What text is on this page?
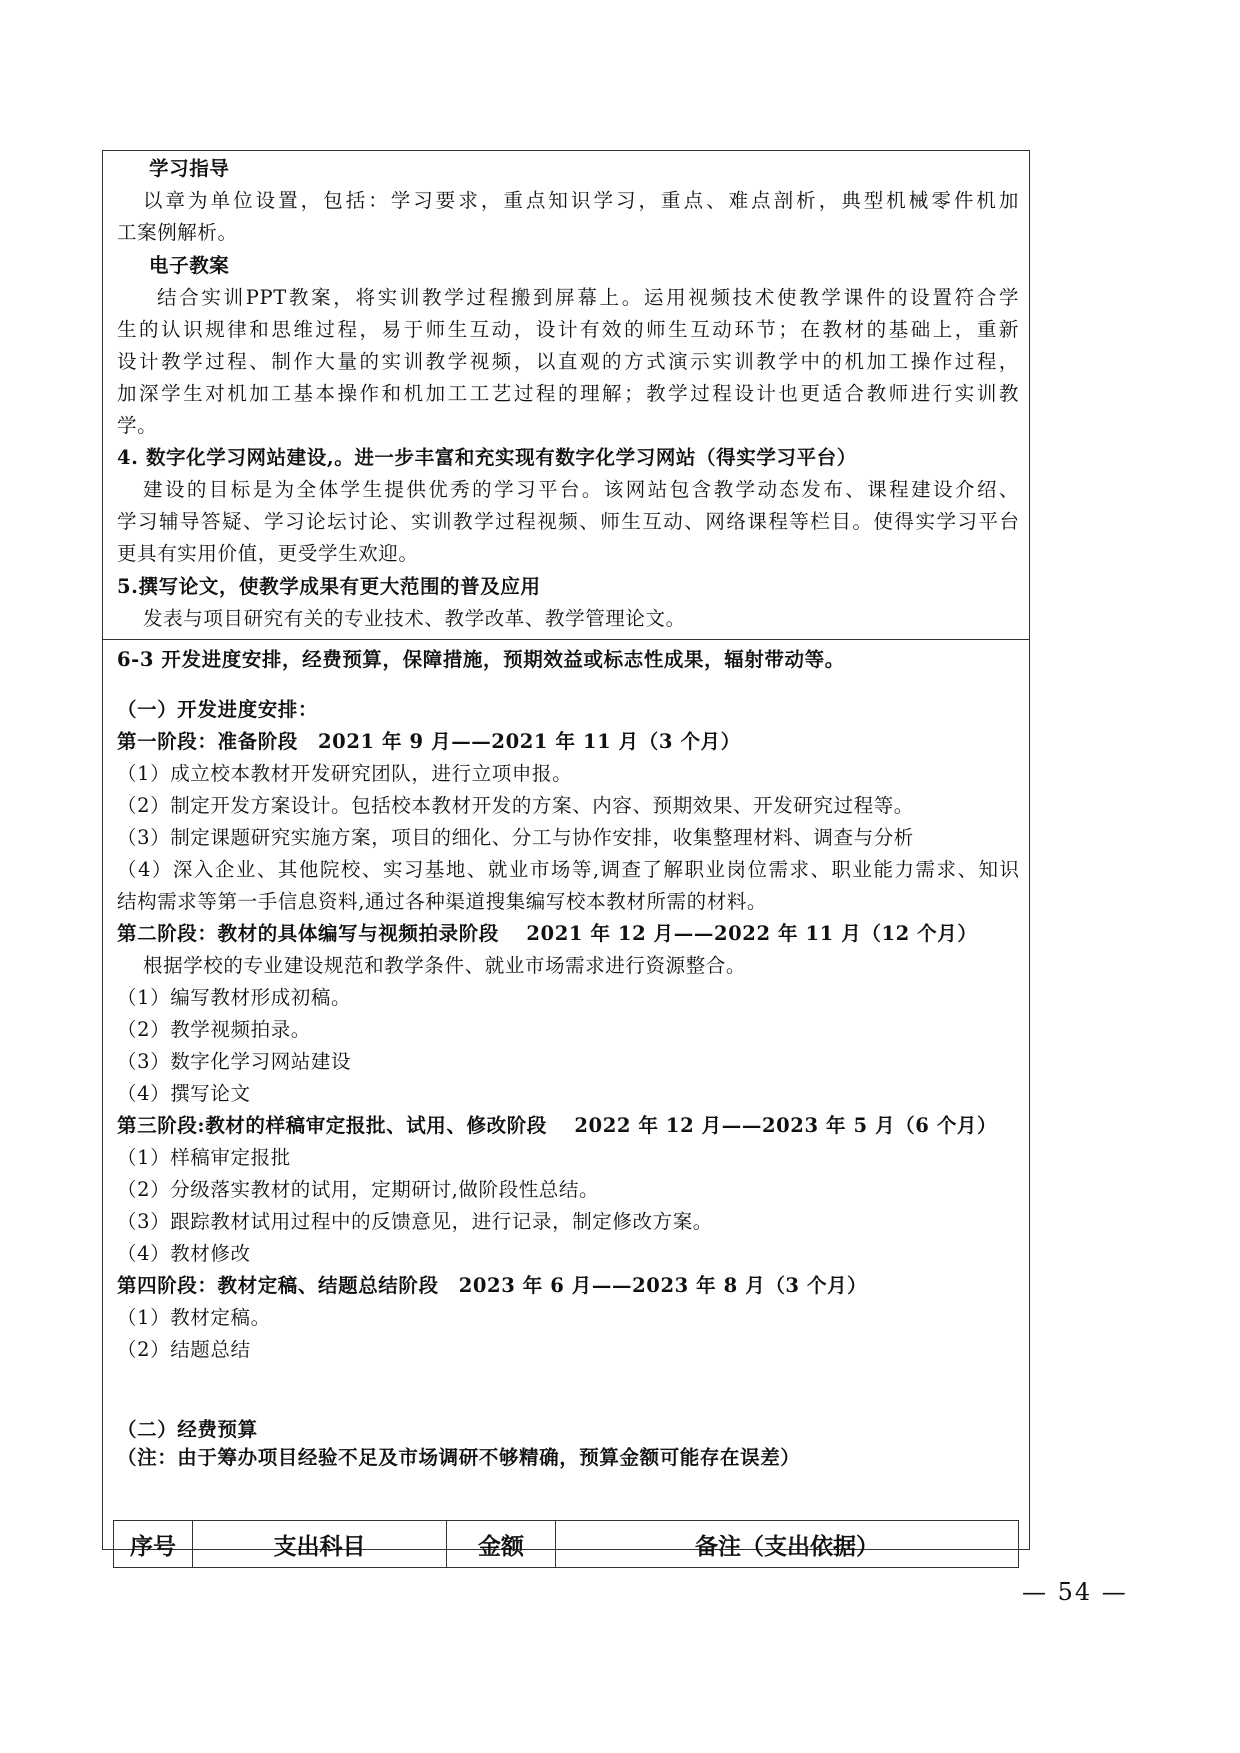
学习指导
以章为单位设置，包括：学习要求，重点知识学习，重点、难点剖析，典型机械零件机加
工案例解析。
电子教案
结合实训PPT教案，将实训教学过程搬到屏幕上。运用视频技术使教学课件的设置符合学
生的认识规律和思维过程，易于师生互动，设计有效的师生互动环节；在教材的基础上，重新
设计教学过程、制作大量的实训教学视频，以直观的方式演示实训教学中的机加工操作过程，
加深学生对机加工基本操作和机加工工艺过程的理解；教学过程设计也更适合教师进行实训教
学。
4. 数字化学习网站建设,。进一步丰富和充实现有数字化学习网站（得实学习平台）
建设的目标是为全体学生提供优秀的学习平台。该网站包含教学动态发布、课程建设介绍、
学习辅导答疑、学习论坛讨论、实训教学过程视频、师生互动、网络课程等栏目。使得实学习平台
更具有实用价值，更受学生欢迎。
5.撰写论文，使教学成果有更大范围的普及应用
发表与项目研究有关的专业技术、教学改革、教学管理论文。
6-3 开发进度安排，经费预算，保障措施，预期效益或标志性成果，辐射带动等。
（一）开发进度安排：
第一阶段：准备阶段　2021 年 9 月——2021 年 11 月（3 个月）
（1）成立校本教材开发研究团队，进行立项申报。
（2）制定开发方案设计。包括校本教材开发的方案、内容、预期效果、开发研究过程等。
（3）制定课题研究实施方案，项目的细化、分工与协作安排，收集整理材料、调查与分析
（4）深入企业、其他院校、实习基地、就业市场等,调查了解职业岗位需求、职业能力需求、知识
结构需求等第一手信息资料,通过各种渠道搜集编写校本教材所需的材料。
第二阶段：教材的具体编写与视频拍录阶段　 2021 年 12 月——2022 年 11 月（12 个月）
根据学校的专业建设规范和教学条件、就业市场需求进行资源整合。
（1）编写教材形成初稿。
（2）教学视频拍录。
（3）数字化学习网站建设
（4）撰写论文
第三阶段:教材的样稿审定报批、试用、修改阶段　 2022 年 12 月——2023 年 5 月（6 个月）
（1）样稿审定报批
（2）分级落实教材的试用，定期研讨,做阶段性总结。
（3）跟踪教材试用过程中的反馈意见，进行记录，制定修改方案。
（4）教材修改
第四阶段：教材定稿、结题总结阶段　2023 年 6 月——2023 年 8 月（3 个月）
（1）教材定稿。
（2）结题总结
（二）经费预算
（注：由于筹办项目经验不足及市场调研不够精确，预算金额可能存在误差）
序号	支出科目	金额	备注（支出依据）
— 54 —
